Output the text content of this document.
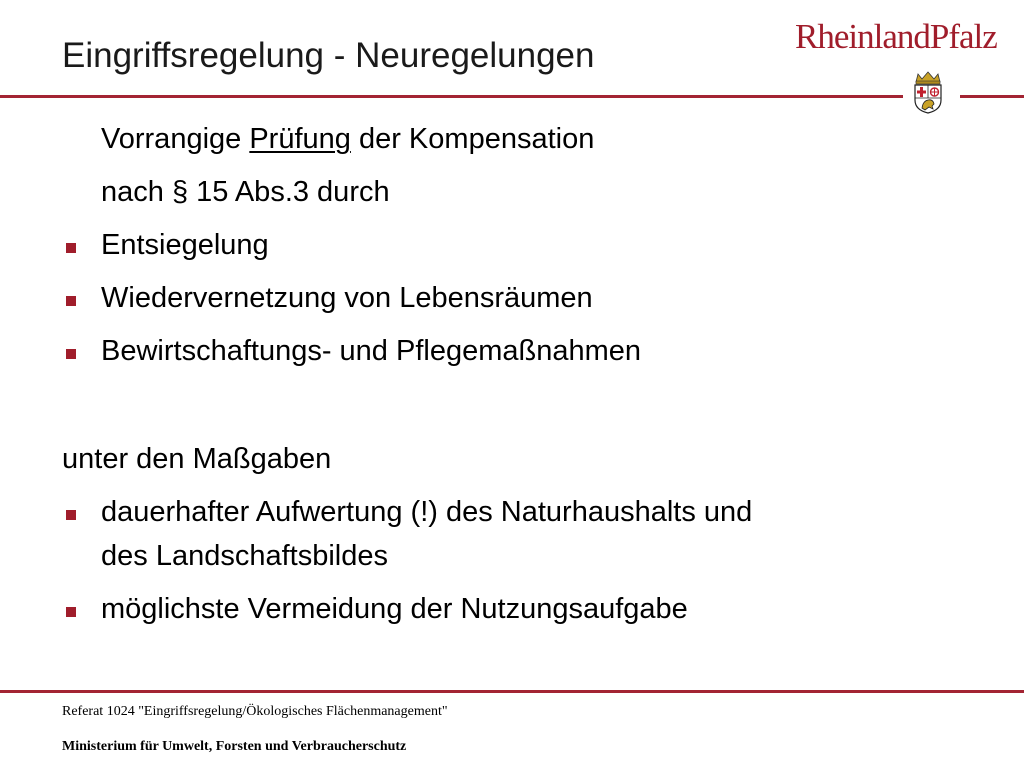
Eingriffsregelung - Neuregelungen	RheinlandPfalz
Vorrangige Prüfung der Kompensation
nach § 15 Abs.3 durch
Entsiegelung
Wiedervernetzung von Lebensräumen
Bewirtschaftungs- und Pflegemaßnahmen
unter den Maßgaben
dauerhafter Aufwertung (!) des Naturhaushalts und
des Landschaftsbildes
möglichste Vermeidung der Nutzungsaufgabe
Referat 1024 "Eingriffsregelung/Ökologisches Flächenmanagement"
Ministerium für Umwelt, Forsten und Verbraucherschutz
